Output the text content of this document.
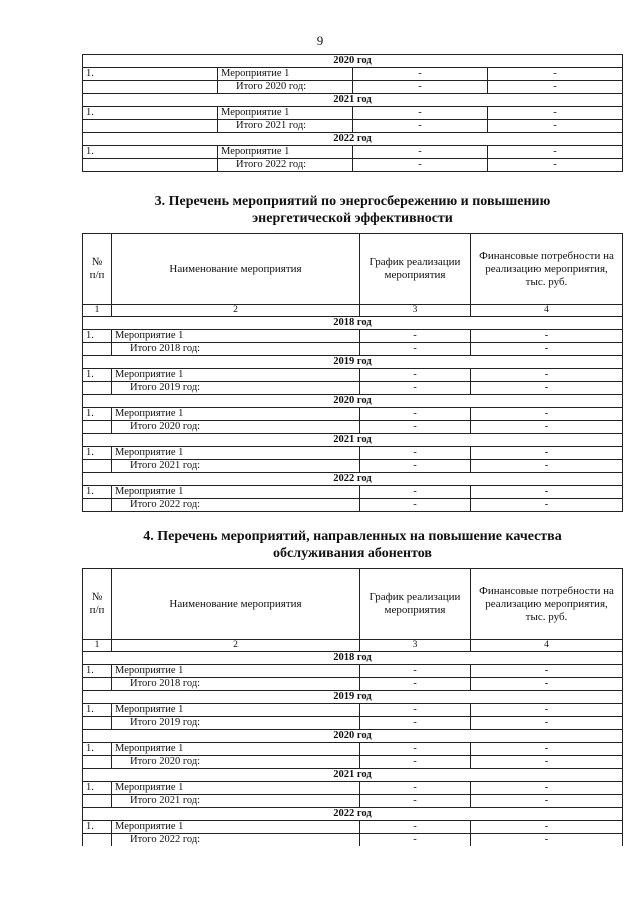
9
2020 год			
1.	Мероприятие 1	-	-
	Итого 2020 год:	-	-
2021 год			
1.	Мероприятие 1	-	-
	Итого 2021 год:	-	-
2022 год			
1.	Мероприятие 1	-	-
	Итого 2022 год:	-	-
3. Перечень мероприятий по энергосбережению и повышению
энергетической эффективности
№ п/п	Наименование мероприятия	График реализации мероприятия	Финансовые потребности на реализацию мероприятия, тыс. руб.
1	2	3	4
2018 год			
1.	Мероприятие 1	-	-
	Итого 2018 год:	-	-
2019 год			
1.	Мероприятие 1	-	-
	Итого 2019 год:	-	-
2020 год			
1.	Мероприятие 1	-	-
	Итого 2020 год:	-	-
2021 год			
1.	Мероприятие 1	-	-
	Итого 2021 год:	-	-
2022 год			
1.	Мероприятие 1	-	-
	Итого 2022 год:	-	-
4. Перечень мероприятий, направленных на повышение качества
обслуживания абонентов
№ п/п	Наименование мероприятия	График реализации мероприятия	Финансовые потребности на реализацию мероприятия, тыс. руб.
1	2	3	4
2018 год			
1.	Мероприятие 1	-	-
	Итого 2018 год:	-	-
2019 год			
1.	Мероприятие 1	-	-
	Итого 2019 год:	-	-
2020 год			
1.	Мероприятие 1	-	-
	Итого 2020 год:	-	-
2021 год			
1.	Мероприятие 1	-	-
	Итого 2021 год:	-	-
2022 год			
1.	Мероприятие 1	-	-
	Итого 2022 год:	-	-
